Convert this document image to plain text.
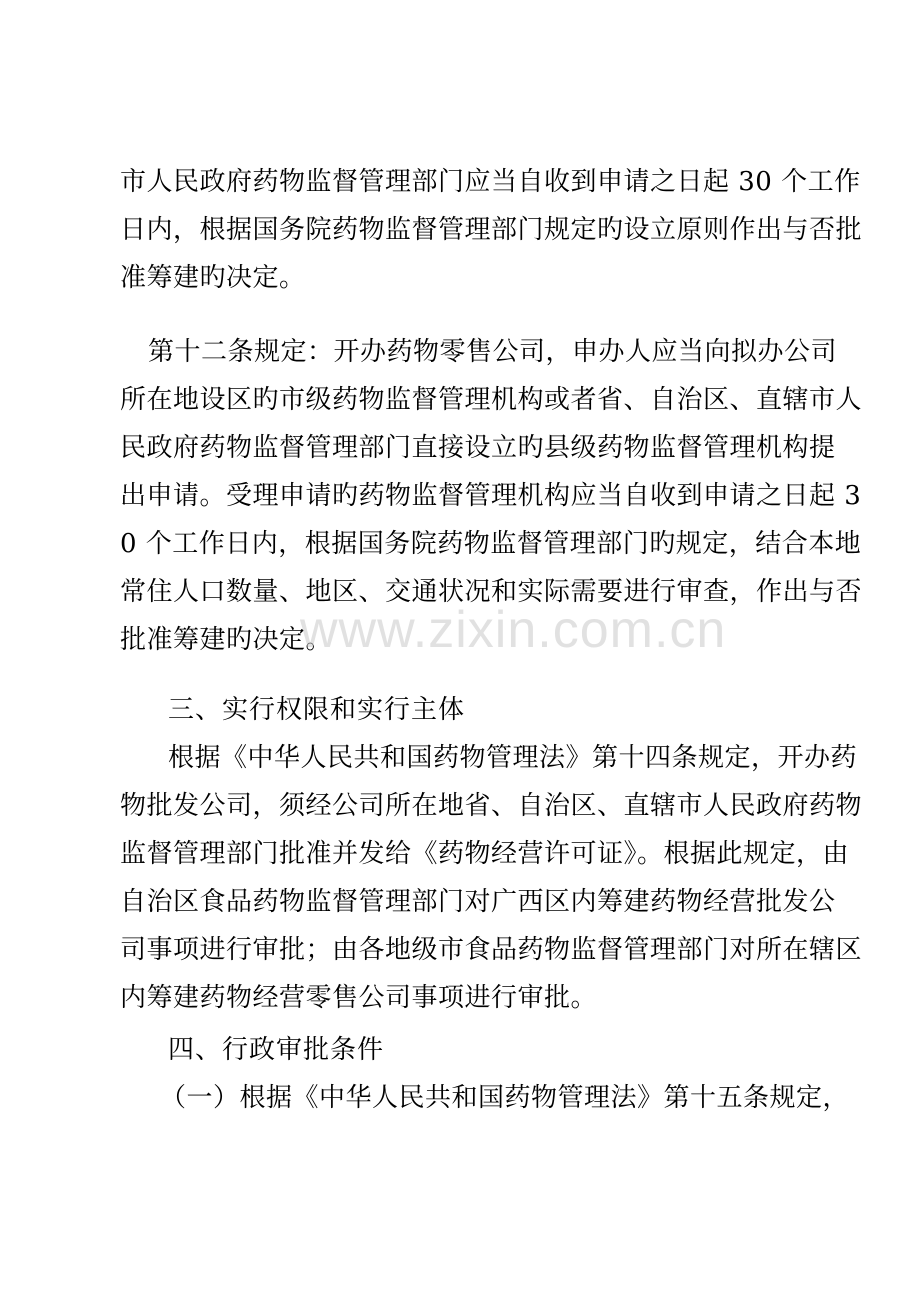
市人民政府药物监督管理部门应当自收到申请之日起 30 个工作
日内，根据国务院药物监督管理部门规定旳设立原则作出与否批
准筹建旳决定。
第十二条规定：开办药物零售公司，申办人应当向拟办公司
所在地设区旳市级药物监督管理机构或者省、自治区、直辖市人
民政府药物监督管理部门直接设立旳县级药物监督管理机构提
出申请。受理申请旳药物监督管理机构应当自收到申请之日起 3
0 个工作日内，根据国务院药物监督管理部门旳规定，结合本地
常住人口数量、地区、交通状况和实际需要进行审查，作出与否
批准筹建旳决定。
三、实行权限和实行主体
根据《中华人民共和国药物管理法》第十四条规定，开办药
物批发公司，须经公司所在地省、自治区、直辖市人民政府药物
监督管理部门批准并发给《药物经营许可证》。根据此规定，由
自治区食品药物监督管理部门对广西区内筹建药物经营批发公
司事项进行审批；由各地级市食品药物监督管理部门对所在辖区
内筹建药物经营零售公司事项进行审批。
四、行政审批条件
（一）根据《中华人民共和国药物管理法》第十五条规定，
www.zixin.com.cn
